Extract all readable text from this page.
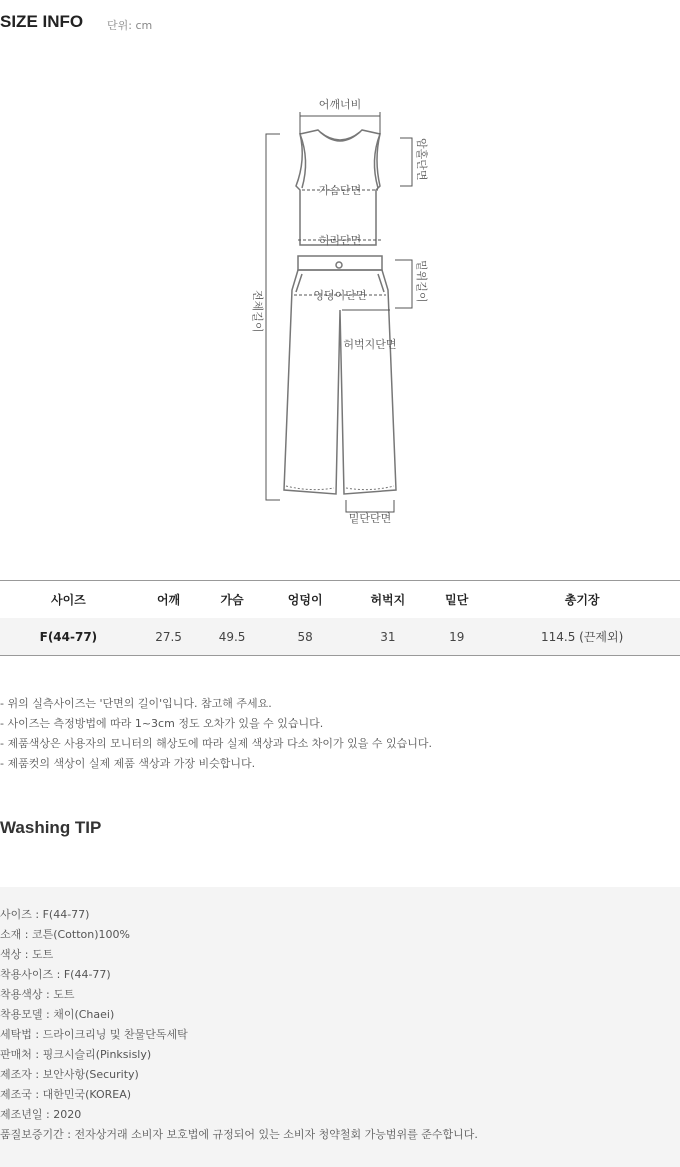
SIZE INFO 단위: cm
어깨너비
가슴단면
허리단면
엉덩이단면
허벅지단면
밑단단면
암홀단면
밑위길이
전체길이
사이즈	어깨	가슴	엉덩이	허벅지	밑단	총기장
F(44-77)	27.5	49.5	58	31	19	114.5 (끈제외)
- 위의 실측사이즈는 '단면의 길이'입니다. 참고해 주세요.
- 사이즈는 측정방법에 따라 1~3cm 정도 오차가 있을 수 있습니다.
- 제품색상은 사용자의 모니터의 해상도에 따라 실제 색상과 다소 차이가 있을 수 있습니다.
- 제품컷의 색상이 실제 제품 색상과 가장 비슷합니다.
Washing TIP
사이즈 : F(44-77)
소재 : 코튼(Cotton)100%
색상 : 도트
착용사이즈 : F(44-77)
착용색상 : 도트
착용모델 : 채이(Chaei)
세탁법 : 드라이크리닝 및 찬물단독세탁
판매처 : 핑크시슬리(Pinksisly)
제조자 : 보안사항(Security)
제조국 : 대한민국(KOREA)
제조년일 : 2020
품질보증기간 : 전자상거래 소비자 보호법에 규정되어 있는 소비자 청약철회 가능범위를 준수합니다.
